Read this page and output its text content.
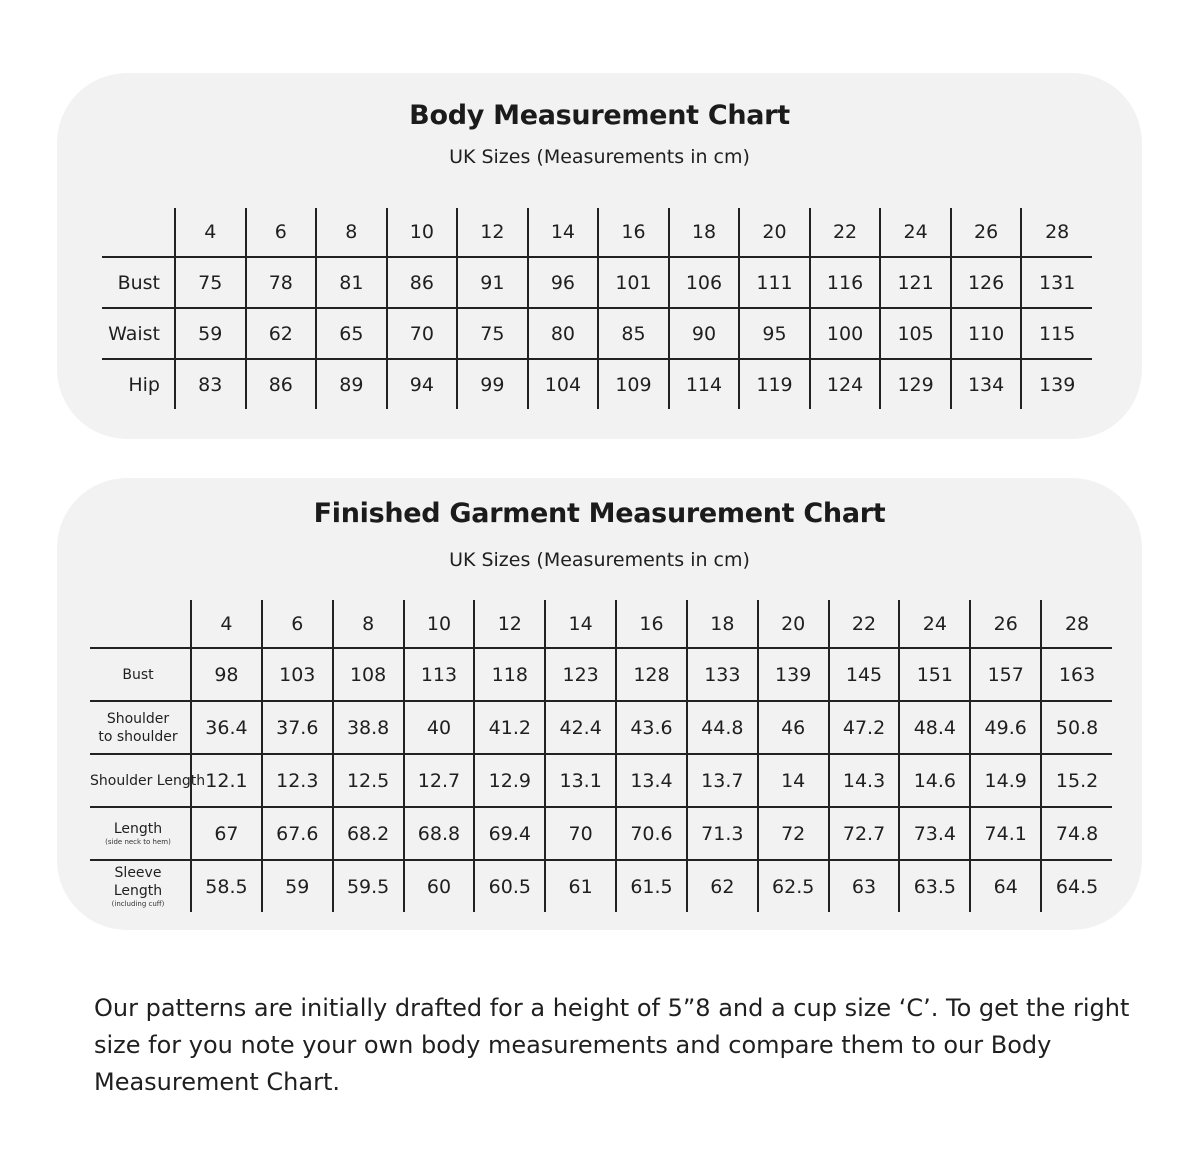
Body Measurement Chart
UK Sizes (Measurements in cm)
	4	6	8	10	12	14	16	18	20	22	24	26	28
Bust	75	78	81	86	91	96	101	106	111	116	121	126	131
Waist	59	62	65	70	75	80	85	90	95	100	105	110	115
Hip	83	86	89	94	99	104	109	114	119	124	129	134	139
Finished Garment Measurement Chart
UK Sizes (Measurements in cm)
	4	6	8	10	12	14	16	18	20	22	24	26	28
Bust	98	103	108	113	118	123	128	133	139	145	151	157	163
Shoulder to shoulder	36.4	37.6	38.8	40	41.2	42.4	43.6	44.8	46	47.2	48.4	49.6	50.8
Shoulder Length	12.1	12.3	12.5	12.7	12.9	13.1	13.4	13.7	14	14.3	14.6	14.9	15.2

Length
(side neck to hem)	67	67.6	68.2	68.8	69.4	70	70.6	71.3	72	72.7	73.4	74.1	74.8

Sleeve Length
(including cuff)	58.5	59	59.5	60	60.5	61	61.5	62	62.5	63	63.5	64	64.5

Our patterns are initially drafted for a height of 5”8 and a cup size ‘C’. To get the right size for you note your own body measurements and compare them to our Body Measurement Chart.
